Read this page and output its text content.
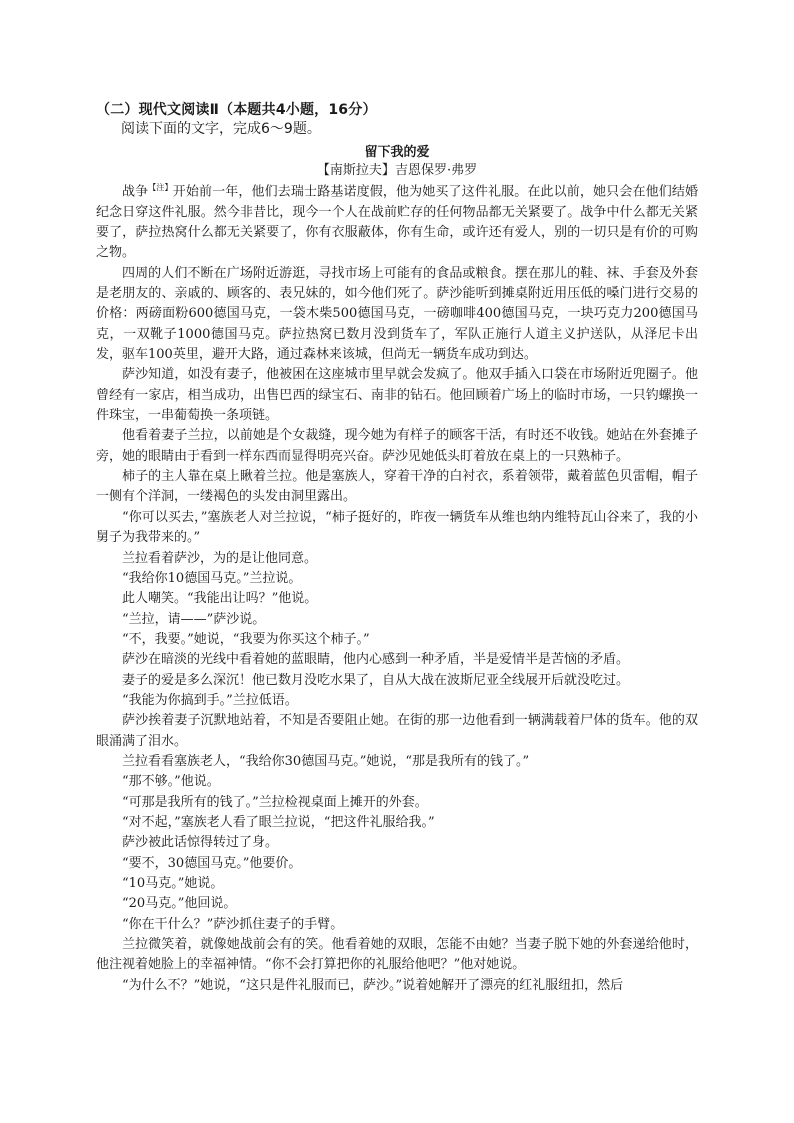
（二）现代文阅读Ⅱ（本题共4小题，16分）
阅读下面的文字，完成6～9题。
留下我的爱
【南斯拉夫】吉恩保罗·弗罗

战争$^{【注】}$开始前一年，他们去瑞士路基诺度假，他为她买了这件礼服。在此以前，她只会在他们结婚纪念日穿这件礼服。然今非昔比，现今一个人在战前贮存的任何物品都无关紧要了。战争中什么都无关紧要了，萨拉热窝什么都无关紧要了，你有衣服蔽体，你有生命，或许还有爱人，别的一切只是有价的可购之物。

四周的人们不断在广场附近游逛，寻找市场上可能有的食品或粮食。摆在那儿的鞋、袜、手套及外套是老朋友的、亲戚的、顾客的、表兄妹的，如今他们死了。萨沙能听到摊桌附近用压低的嗓门进行交易的价格：两磅面粉600德国马克，一袋木柴500德国马克，一磅咖啡400德国马克，一块巧克力200德国马克，一双靴子1000德国马克。萨拉热窝已数月没到货车了，军队正施行人道主义护送队，从泽尼卡出发，驱车100英里，避开大路，通过森林来该城，但尚无一辆货车成功到达。

萨沙知道，如没有妻子，他被困在这座城市里早就会发疯了。他双手插入口袋在市场附近兜圈子。他曾经有一家店，相当成功，出售巴西的绿宝石、南非的钻石。他回顾着广场上的临时市场，一只钓螺换一件珠宝，一串葡萄换一条项链。

他看着妻子兰拉，以前她是个女裁缝，现今她为有样子的顾客干活，有时还不收钱。她站在外套摊子旁，她的眼睛由于看到一样东西而显得明亮兴奋。萨沙见她低头盯着放在桌上的一只熟柿子。

柿子的主人靠在桌上瞅着兰拉。他是塞族人，穿着干净的白衬衣，系着领带，戴着蓝色贝雷帽，帽子一侧有个洋洞，一缕褐色的头发由洞里露出。

“你可以买去，”塞族老人对兰拉说，“柿子挺好的，昨夜一辆货车从维也纳内维特瓦山谷来了，我的小舅子为我带来的。”

兰拉看着萨沙，为的是让他同意。

“我给你10德国马克。”兰拉说。

此人嘲笑。“我能出让吗？”他说。

“兰拉，请——”萨沙说。

“不，我要。”她说，“我要为你买这个柿子。”

萨沙在暗淡的光线中看着她的蓝眼睛，他内心感到一种矛盾，半是爱情半是苦恼的矛盾。

妻子的爱是多么深沉！他已数月没吃水果了，自从大战在波斯尼亚全线展开后就没吃过。

“我能为你搞到手。”兰拉低语。

萨沙挨着妻子沉默地站着，不知是否要阻止她。在街的那一边他看到一辆满载着尸体的货车。他的双眼涌满了泪水。

兰拉看看塞族老人，“我给你30德国马克。”她说，“那是我所有的钱了。”

“那不够。”他说。

“可那是我所有的钱了。”兰拉检视桌面上摊开的外套。

“对不起，”塞族老人看了眼兰拉说，“把这件礼服给我。”

萨沙被此话惊得转过了身。

“要不，30德国马克。”他要价。

“10马克。”她说。

“20马克。”他回说。

“你在干什么？”萨沙抓住妻子的手臂。

兰拉微笑着，就像她战前会有的笑。他看着她的双眼，怎能不由她？当妻子脱下她的外套递给他时，他注视着她脸上的幸福神情。“你不会打算把你的礼服给他吧？”他对她说。

“为什么不？”她说，“这只是件礼服而已，萨沙。”说着她解开了漂亮的红礼服纽扣，然后
